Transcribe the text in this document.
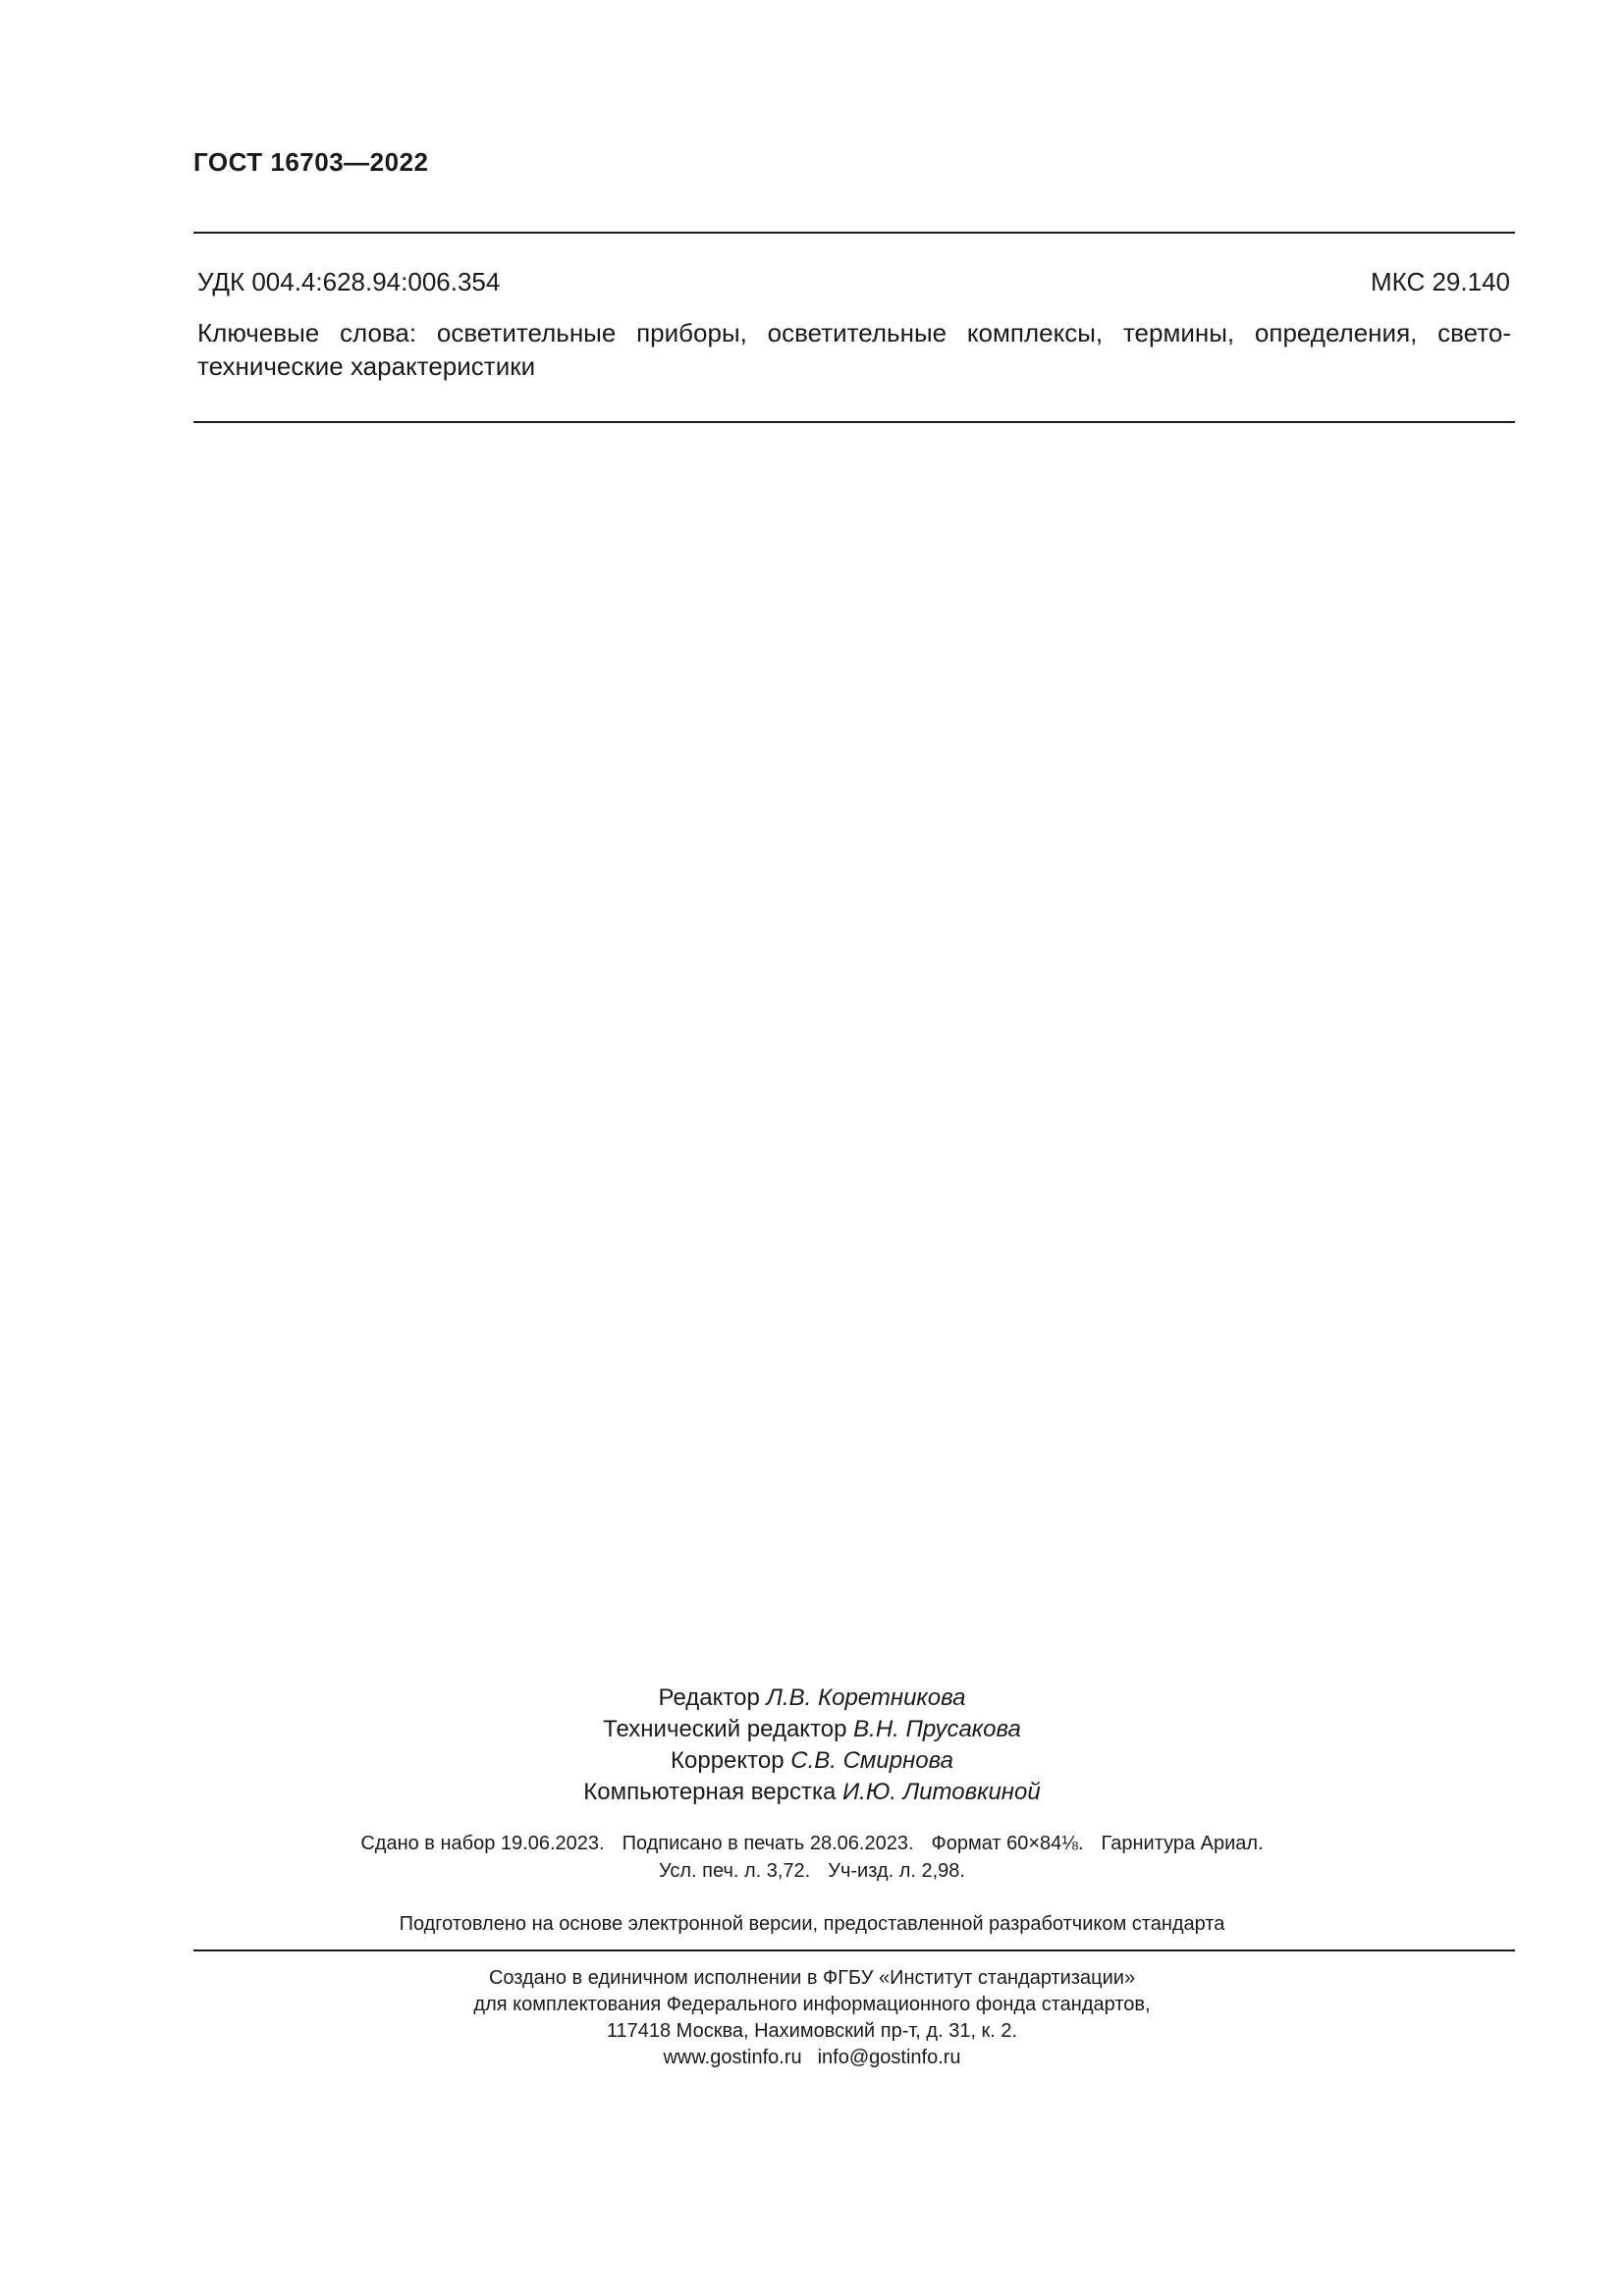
ГОСТ 16703—2022
УДК 004.4:628.94:006.354	МКС 29.140
Ключевые слова: осветительные приборы, осветительные комплексы, термины, определения, свето-технические характеристики
Редактор Л.В. Коретникова
Технический редактор В.Н. Прусакова
Корректор С.В. Смирнова
Компьютерная верстка И.Ю. Литовкиной
Сдано в набор 19.06.2023. Подписано в печать 28.06.2023. Формат 60×84⅛. Гарнитура Ариал.
Усл. печ. л. 3,72. Уч-изд. л. 2,98.
Подготовлено на основе электронной версии, предоставленной разработчиком стандарта
Создано в единичном исполнении в ФГБУ «Институт стандартизации»
для комплектования Федерального информационного фонда стандартов,
117418 Москва, Нахимовский пр-т, д. 31, к. 2.
www.gostinfo.ru info@gostinfo.ru
